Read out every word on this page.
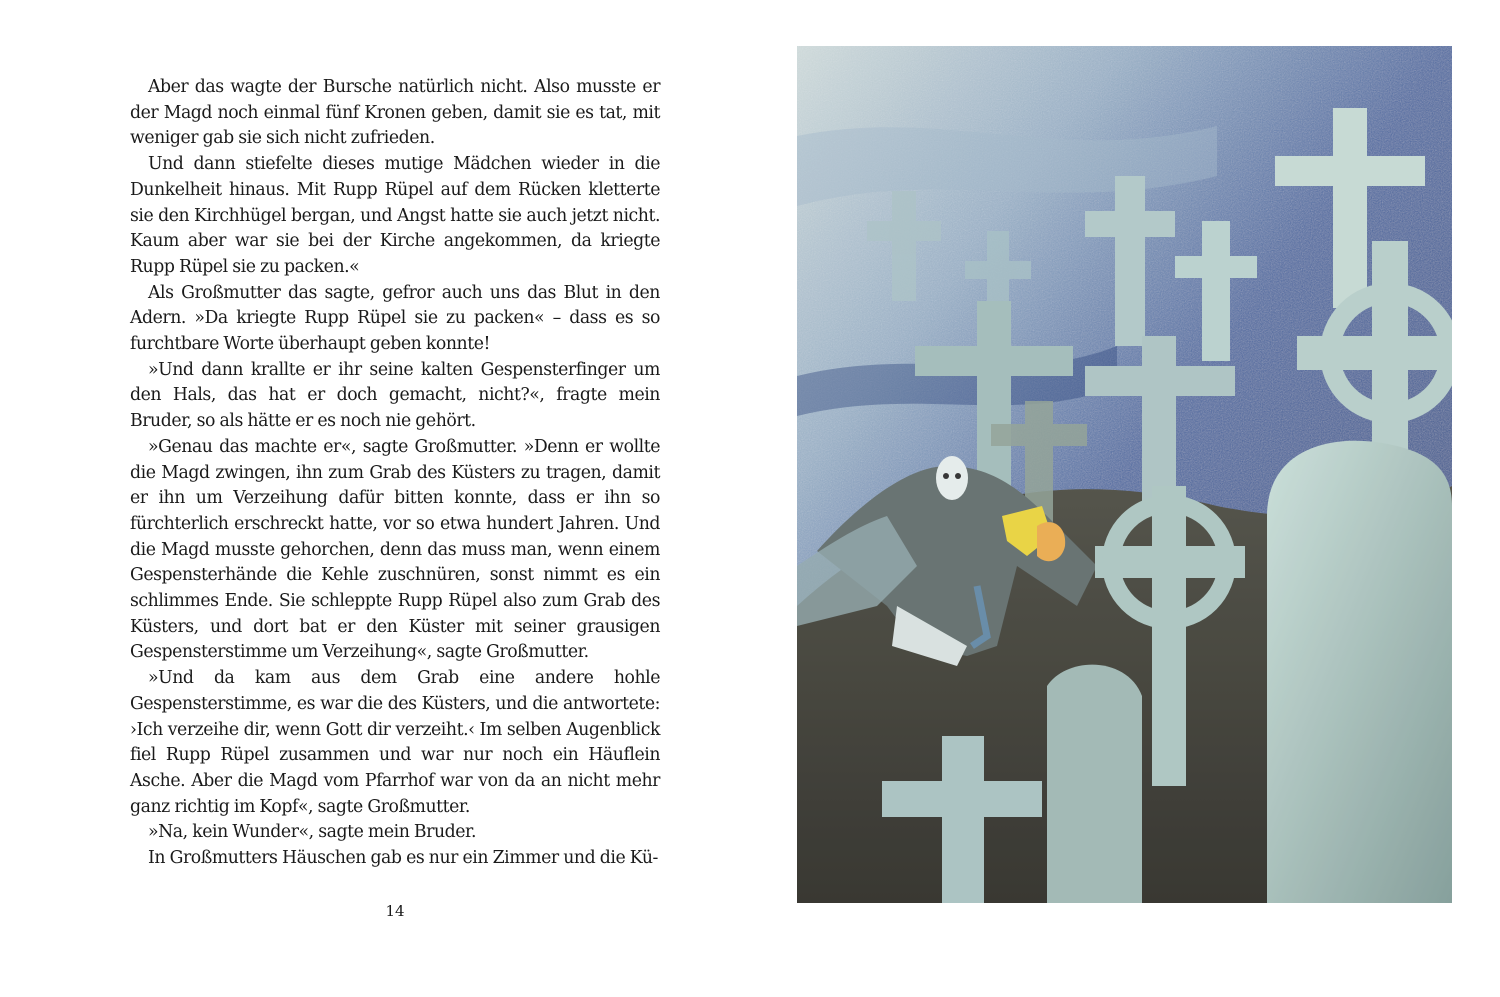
Aber das wagte der Bursche natürlich nicht. Also musste er der Magd noch einmal fünf Kronen geben, damit sie es tat, mit weniger gab sie sich nicht zufrieden.

Und dann stiefelte dieses mutige Mädchen wieder in die Dunkelheit hinaus. Mit Rupp Rüpel auf dem Rücken kletterte sie den Kirchhügel bergan, und Angst hatte sie auch jetzt nicht. Kaum aber war sie bei der Kirche angekommen, da kriegte Rupp Rüpel sie zu packen.«

Als Großmutter das sagte, gefror auch uns das Blut in den Adern. »Da kriegte Rupp Rüpel sie zu packen« – dass es so furchtbare Worte überhaupt geben konnte!

»Und dann krallte er ihr seine kalten Gespensterfinger um den Hals, das hat er doch gemacht, nicht?«, fragte mein Bruder, so als hätte er es noch nie gehört.

»Genau das machte er«, sagte Großmutter. »Denn er wollte die Magd zwingen, ihn zum Grab des Küsters zu tragen, damit er ihn um Verzeihung dafür bitten konnte, dass er ihn so fürchterlich erschreckt hatte, vor so etwa hundert Jahren. Und die Magd musste gehorchen, denn das muss man, wenn einem Gespensterhände die Kehle zuschnüren, sonst nimmt es ein schlimmes Ende. Sie schleppte Rupp Rüpel also zum Grab des Küsters, und dort bat er den Küster mit seiner grausigen Gespensterstimme um Verzeihung«, sagte Großmutter.

»Und da kam aus dem Grab eine andere hohle Gespensterstimme, es war die des Küsters, und die antwortete: ›Ich verzeihe dir, wenn Gott dir verzeiht.‹ Im selben Augenblick fiel Rupp Rüpel zusammen und war nur noch ein Häuflein Asche. Aber die Magd vom Pfarrhof war von da an nicht mehr ganz richtig im Kopf«, sagte Großmutter.

»Na, kein Wunder«, sagte mein Bruder.

In Großmutters Häuschen gab es nur ein Zimmer und die Kü-

14
